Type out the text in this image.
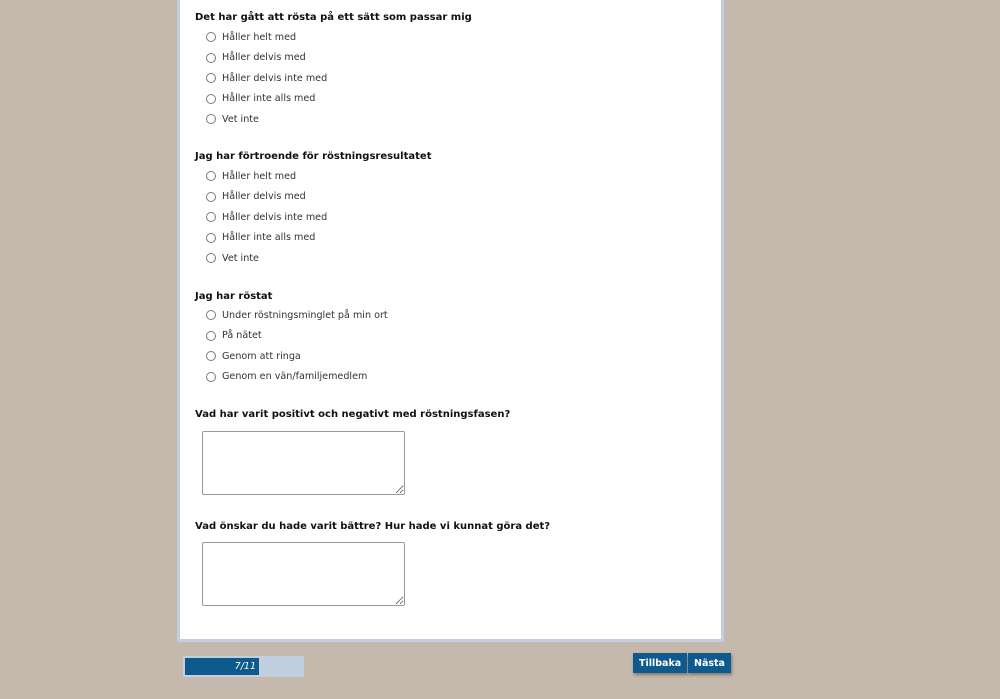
Det har gått att rösta på ett sätt som passar mig

Håller helt med
Håller delvis med
Håller delvis inte med
Håller inte alls med
Vet inte

Jag har förtroende för röstningsresultatet

Håller helt med
Håller delvis med
Håller delvis inte med
Håller inte alls med
Vet inte

Jag har röstat

Under röstningsminglet på min ort
På nätet
Genom att ringa
Genom en vän/familjemedlem

Vad har varit positivt och negativt med röstningsfasen?

Vad önskar du hade varit bättre? Hur hade vi kunnat göra det?

7/11	Tillbaka	Nästa
